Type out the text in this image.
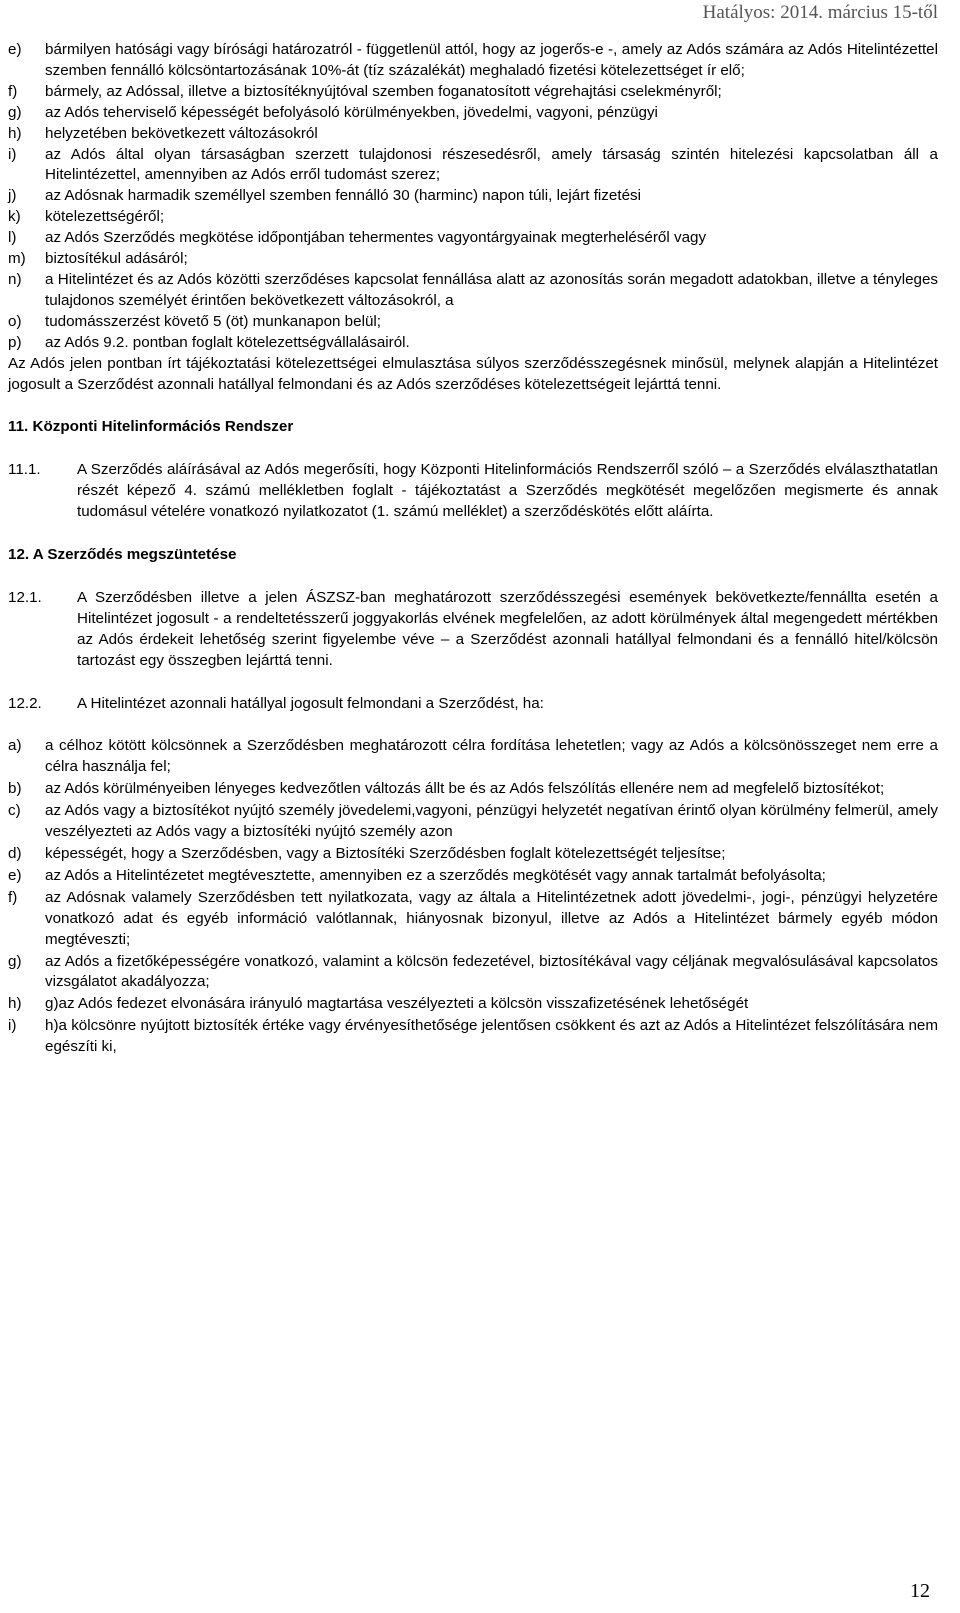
Hatályos: 2014. március 15-től
e)	bármilyen hatósági vagy bírósági határozatról - függetlenül attól, hogy az jogerős-e -, amely az Adós számára az Adós Hitelintézettel szemben fennálló kölcsöntartozásának 10%-át (tíz százalékát) meghaladó fizetési kötelezettséget ír elő;
f)	bármely, az Adóssal, illetve a biztosítéknyújtóval szemben foganatosított végrehajtási cselekményről;
g)	az Adós teherviselő képességét befolyásoló körülményekben, jövedelmi, vagyoni, pénzügyi
h)	helyzetében bekövetkezett változásokról
i)	az Adós által olyan társaságban szerzett tulajdonosi részesedésről, amely társaság szintén hitelezési kapcsolatban áll a Hitelintézettel, amennyiben az Adós erről tudomást szerez;
j)	az Adósnak harmadik személlyel szemben fennálló 30 (harminc) napon túli, lejárt fizetési
k)	kötelezettségéről;
l)	az Adós Szerződés megkötése időpontjában tehermentes vagyontárgyainak megterheléséről vagy
m)	biztosítékul adásáról;
n)	a Hitelintézet és az Adós közötti szerződéses kapcsolat fennállása alatt az azonosítás során megadott adatokban, illetve a tényleges tulajdonos személyét érintően bekövetkezett változásokról, a
o)	tudomásszerzést követő 5 (öt) munkanapon belül;
p)	az Adós 9.2. pontban foglalt kötelezettségvállalásairól.
Az Adós jelen pontban írt tájékoztatási kötelezettségei elmulasztása súlyos szerződésszegésnek minősül, melynek alapján a Hitelintézet jogosult a Szerződést azonnali hatállyal felmondani és az Adós szerződéses kötelezettségeit lejárttá tenni.
11. Központi Hitelinformációs Rendszer
11.1.	A Szerződés aláírásával az Adós megerősíti, hogy Központi Hitelinformációs Rendszerről szóló – a Szerződés elválaszthatatlan részét képező 4. számú mellékletben foglalt - tájékoztatást a Szerződés megkötését megelőzően megismerte és annak tudomásul vételére vonatkozó nyilatkozatot (1. számú melléklet) a szerződéskötés előtt aláírta.
12. A Szerződés megszüntetése
12.1.	A Szerződésben illetve a jelen ÁSZSZ-ban meghatározott szerződésszegési események bekövetkezte/fennállta esetén a Hitelintézet jogosult - a rendeltetésszerű joggyakorlás elvének megfelelően, az adott körülmények által megengedett mértékben az Adós érdekeit lehetőség szerint figyelembe véve – a Szerződést azonnali hatállyal felmondani és a fennálló hitel/kölcsön tartozást egy összegben lejárttá tenni.
12.2.	A Hitelintézet azonnali hatállyal jogosult felmondani a Szerződést, ha:
a)	a célhoz kötött kölcsönnek a Szerződésben meghatározott célra fordítása lehetetlen; vagy az Adós a kölcsönösszeget nem erre a célra használja fel;
b)	az Adós körülményeiben lényeges kedvezőtlen változás állt be és az Adós felszólítás ellenére nem ad megfelelő biztosítékot;
c)	az Adós vagy a biztosítékot nyújtó személy jövedelemi,vagyoni, pénzügyi helyzetét negatívan érintő olyan körülmény felmerül, amely veszélyezteti az Adós vagy a biztosítéki nyújtó személy azon
d)	képességét, hogy a Szerződésben, vagy a Biztosítéki Szerződésben foglalt kötelezettségét teljesítse;
e)	az Adós a Hitelintézetet megtévesztette, amennyiben ez a szerződés megkötését vagy annak tartalmát befolyásolta;
f)	az Adósnak valamely Szerződésben tett nyilatkozata, vagy az általa a Hitelintézetnek adott jövedelmi-, jogi-, pénzügyi helyzetére vonatkozó adat és egyéb információ valótlannak, hiányosnak bizonyul, illetve az Adós a Hitelintézet bármely egyéb módon megtéveszti;
g)	az Adós a fizetőképességére vonatkozó, valamint a kölcsön fedezetével, biztosítékával vagy céljának megvalósulásával kapcsolatos vizsgálatot akadályozza;
h)	g)az Adós fedezet elvonására irányuló magtartása veszélyezteti a kölcsön visszafizetésének lehetőségét
i)	h)a kölcsönre nyújtott biztosíték értéke vagy érvényesíthetősége jelentősen csökkent és azt az Adós a Hitelintézet felszólítására nem egészíti ki,
12
